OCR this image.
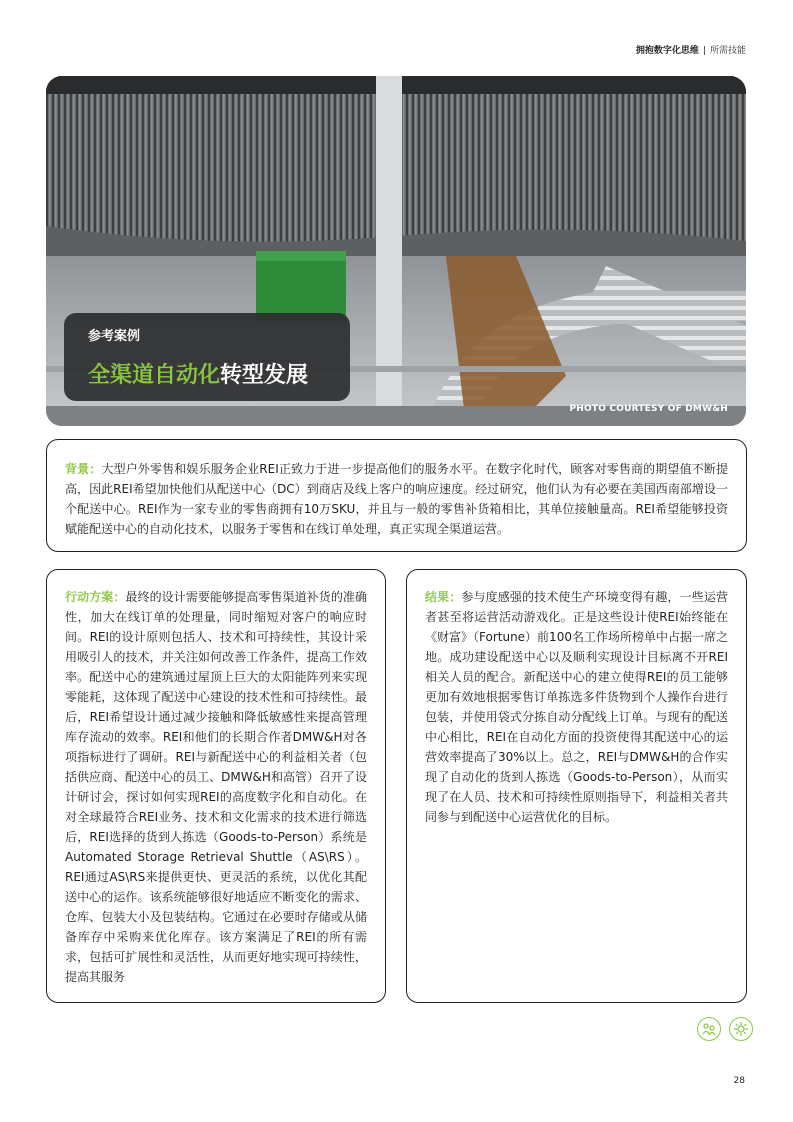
拥抱数字化思维 | 所需技能
PHOTO COURTESY OF DMW&H
参考案例
全渠道自动化转型发展
背景：大型户外零售和娱乐服务企业REI正致力于进一步提高他们的服务水平。在数字化时代，顾客对零售商的期望值不断提高，因此REI希望加快他们从配送中心（DC）到商店及线上客户的响应速度。经过研究，他们认为有必要在美国西南部增设一个配送中心。REI作为一家专业的零售商拥有10万SKU，并且与一般的零售补货箱相比，其单位接触量高。REI希望能够投资赋能配送中心的自动化技术，以服务于零售和在线订单处理，真正实现全渠道运营。
行动方案：最终的设计需要能够提高零售渠道补货的准确性，加大在线订单的处理量，同时缩短对客户的响应时间。REI的设计原则包括人、技术和可持续性，其设计采用吸引人的技术，并关注如何改善工作条件，提高工作效率。配送中心的建筑通过屋顶上巨大的太阳能阵列来实现零能耗，这体现了配送中心建设的技术性和可持续性。最后，REI希望设计通过减少接触和降低敏感性来提高管理库存流动的效率。REI和他们的长期合作者DMW&H对各项指标进行了调研。REI与新配送中心的利益相关者（包括供应商、配送中心的员工、DMW&H和高管）召开了设计研讨会，探讨如何实现REI的高度数字化和自动化。在对全球最符合REI业务、技术和文化需求的技术进行筛选后，REI选择的货到人拣选（Goods-to-Person）系统是Automated Storage Retrieval Shuttle（AS\RS）。REI通过AS\RS来提供更快、更灵活的系统，以优化其配送中心的运作。该系统能够很好地适应不断变化的需求、仓库、包装大小及包装结构。它通过在必要时存储或从储备库存中采购来优化库存。该方案满足了REI的所有需求，包括可扩展性和灵活性，从而更好地实现可持续性，提高其服务
结果：参与度感强的技术使生产环境变得有趣，一些运营者甚至将运营活动游戏化。正是这些设计使REI始终能在《财富》（Fortune）前100名工作场所榜单中占据一席之地。成功建设配送中心以及顺利实现设计目标离不开REI相关人员的配合。新配送中心的建立使得REI的员工能够更加有效地根据零售订单拣选多件货物到个人操作台进行包装，并使用袋式分拣自动分配线上订单。与现有的配送中心相比，REI在自动化方面的投资使得其配送中心的运营效率提高了30%以上。总之，REI与DMW&H的合作实现了自动化的货到人拣选（Goods-to-Person），从而实现了在人员、技术和可持续性原则指导下，利益相关者共同参与到配送中心运营优化的目标。

28
